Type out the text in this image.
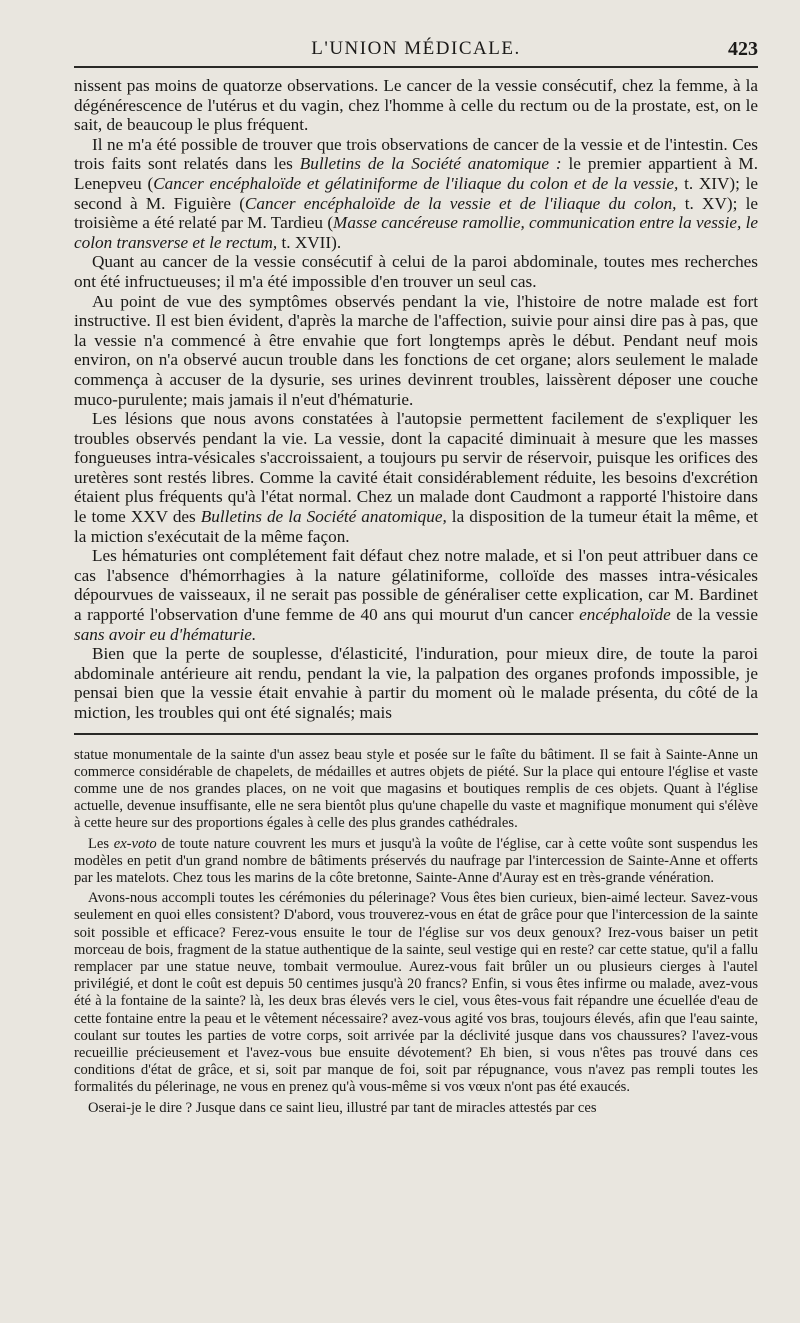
L'UNION MÉDICALE.	423

nissent pas moins de quatorze observations. Le cancer de la vessie consécutif, chez la femme, à la dégénérescence de l'utérus et du vagin, chez l'homme à celle du rectum ou de la prostate, est, on le sait, de beaucoup le plus fréquent.

Il ne m'a été possible de trouver que trois observations de cancer de la vessie et de l'intestin. Ces trois faits sont relatés dans les Bulletins de la Société anatomique : le premier appartient à M. Lenepveu (Cancer encéphaloïde et gélatiniforme de l'iliaque du colon et de la vessie, t. XIV); le second à M. Figuière (Cancer encéphaloïde de la vessie et de l'iliaque du colon, t. XV); le troisième a été relaté par M. Tardieu (Masse cancéreuse ramollie, communication entre la vessie, le colon transverse et le rectum, t. XVII).

Quant au cancer de la vessie consécutif à celui de la paroi abdominale, toutes mes recherches ont été infructueuses; il m'a été impossible d'en trouver un seul cas.

Au point de vue des symptômes observés pendant la vie, l'histoire de notre malade est fort instructive. Il est bien évident, d'après la marche de l'affection, suivie pour ainsi dire pas à pas, que la vessie n'a commencé à être envahie que fort longtemps après le début. Pendant neuf mois environ, on n'a observé aucun trouble dans les fonctions de cet organe; alors seulement le malade commença à accuser de la dysurie, ses urines devinrent troubles, laissèrent déposer une couche muco-purulente; mais jamais il n'eut d'hématurie.

Les lésions que nous avons constatées à l'autopsie permettent facilement de s'expliquer les troubles observés pendant la vie. La vessie, dont la capacité diminuait à mesure que les masses fongueuses intra-vésicales s'accroissaient, a toujours pu servir de réservoir, puisque les orifices des uretères sont restés libres. Comme la cavité était considérablement réduite, les besoins d'excrétion étaient plus fréquents qu'à l'état normal. Chez un malade dont Caudmont a rapporté l'histoire dans le tome XXV des Bulletins de la Société anatomique, la disposition de la tumeur était la même, et la miction s'exécutait de la même façon.

Les hématuries ont complétement fait défaut chez notre malade, et si l'on peut attribuer dans ce cas l'absence d'hémorrhagies à la nature gélatiniforme, colloïde des masses intra-vésicales dépourvues de vaisseaux, il ne serait pas possible de généraliser cette explication, car M. Bardinet a rapporté l'observation d'une femme de 40 ans qui mourut d'un cancer encéphaloïde de la vessie sans avoir eu d'hématurie.

Bien que la perte de souplesse, d'élasticité, l'induration, pour mieux dire, de toute la paroi abdominale antérieure ait rendu, pendant la vie, la palpation des organes profonds impossible, je pensai bien que la vessie était envahie à partir du moment où le malade présenta, du côté de la miction, les troubles qui ont été signalés; mais

statue monumentale de la sainte d'un assez beau style et posée sur le faîte du bâtiment. Il se fait à Sainte-Anne un commerce considérable de chapelets, de médailles et autres objets de piété. Sur la place qui entoure l'église et vaste comme une de nos grandes places, on ne voit que magasins et boutiques remplis de ces objets. Quant à l'église actuelle, devenue insuffisante, elle ne sera bientôt plus qu'une chapelle du vaste et magnifique monument qui s'élève à cette heure sur des proportions égales à celle des plus grandes cathédrales.

Les ex-voto de toute nature couvrent les murs et jusqu'à la voûte de l'église, car à cette voûte sont suspendus les modèles en petit d'un grand nombre de bâtiments préservés du naufrage par l'intercession de Sainte-Anne et offerts par les matelots. Chez tous les marins de la côte bretonne, Sainte-Anne d'Auray est en très-grande vénération.

Avons-nous accompli toutes les cérémonies du pélerinage? Vous êtes bien curieux, bien-aimé lecteur. Savez-vous seulement en quoi elles consistent? D'abord, vous trouverez-vous en état de grâce pour que l'intercession de la sainte soit possible et efficace? Ferez-vous ensuite le tour de l'église sur vos deux genoux? Irez-vous baiser un petit morceau de bois, fragment de la statue authentique de la sainte, seul vestige qui en reste? car cette statue, qu'il a fallu remplacer par une statue neuve, tombait vermoulue. Aurez-vous fait brûler un ou plusieurs cierges à l'autel privilégié, et dont le coût est depuis 50 centimes jusqu'à 20 francs? Enfin, si vous êtes infirme ou malade, avez-vous été à la fontaine de la sainte? là, les deux bras élevés vers le ciel, vous êtes-vous fait répandre une écuellée d'eau de cette fontaine entre la peau et le vêtement nécessaire? avez-vous agité vos bras, toujours élevés, afin que l'eau sainte, coulant sur toutes les parties de votre corps, soit arrivée par la déclivité jusque dans vos chaussures? l'avez-vous recueillie précieusement et l'avez-vous bue ensuite dévotement? Eh bien, si vous n'êtes pas trouvé dans ces conditions d'état de grâce, et si, soit par manque de foi, soit par répugnance, vous n'avez pas rempli toutes les formalités du pélerinage, ne vous en prenez qu'à vous-même si vos vœux n'ont pas été exaucés.

Oserai-je le dire ? Jusque dans ce saint lieu, illustré par tant de miracles attestés par ces
